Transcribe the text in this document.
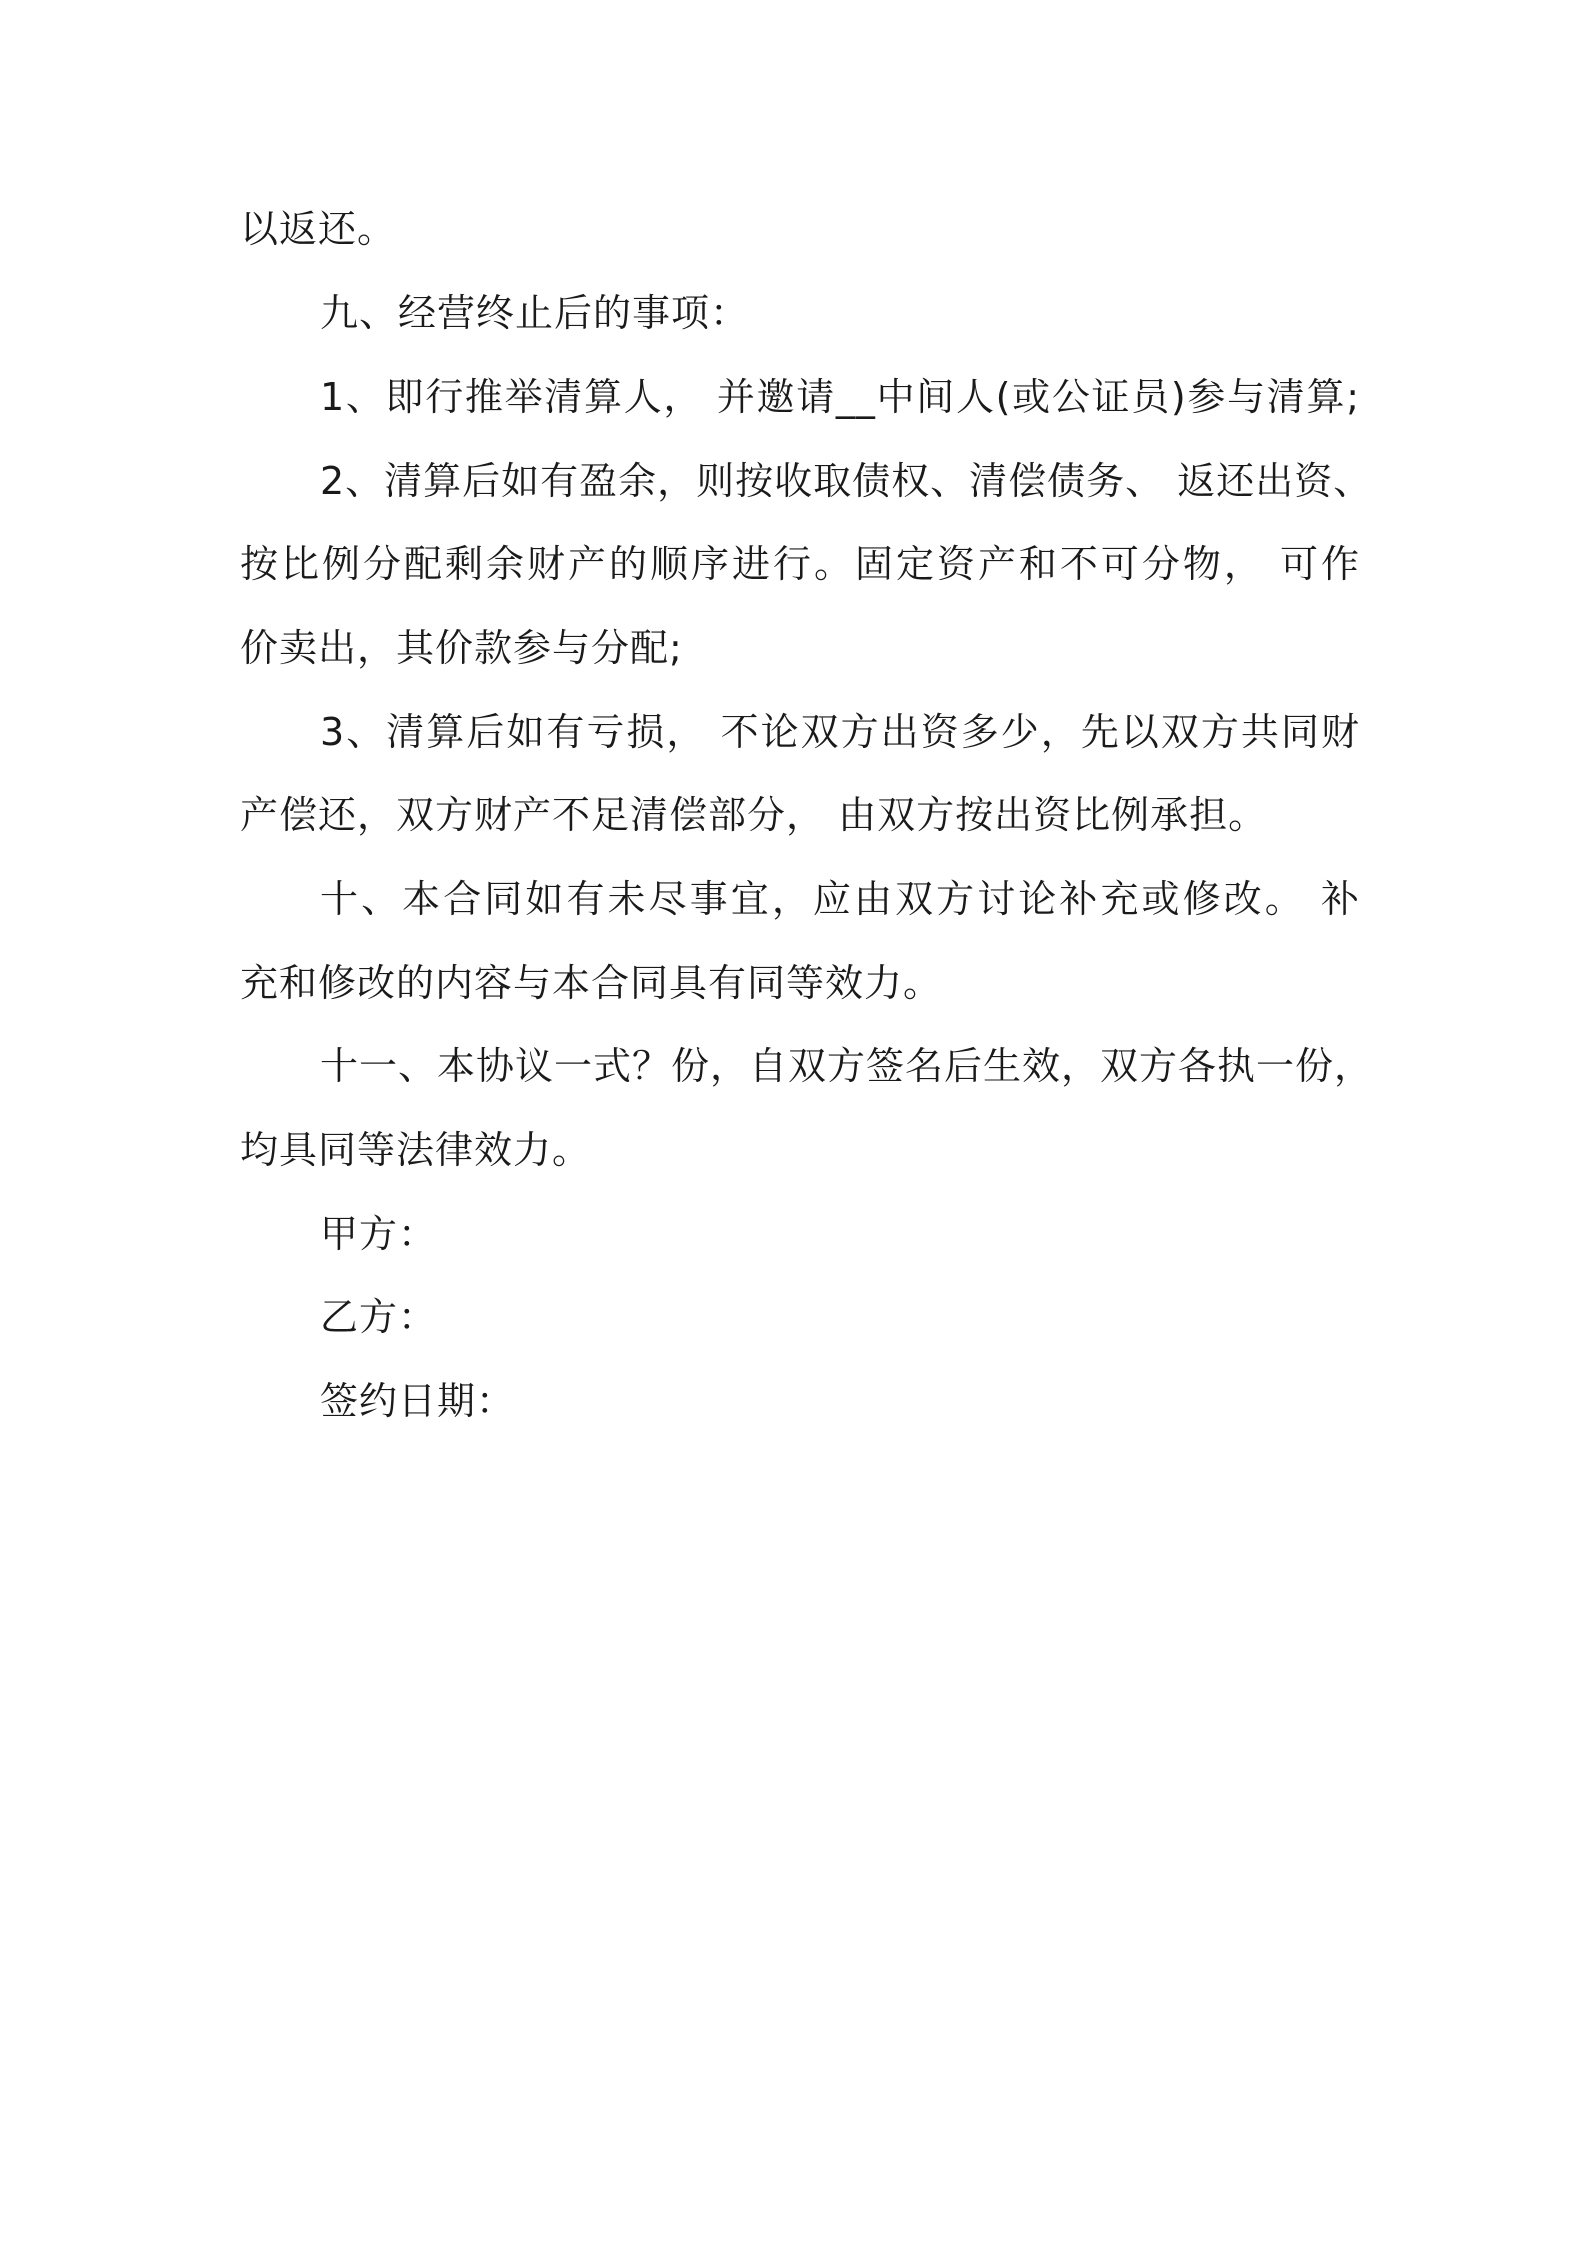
以返还。
九、经营终止后的事项：
1、即行推举清算人， 并邀请__中间人(或公证员)参与清算;
2、清算后如有盈余，则按收取债权、清偿债务、 返还出资、
按比例分配剩余财产的顺序进行。固定资产和不可分物， 可作
价卖出，其价款参与分配;
3、清算后如有亏损， 不论双方出资多少，先以双方共同财
产偿还，双方财产不足清偿部分， 由双方按出资比例承担。
十、本合同如有未尽事宜，应由双方讨论补充或修改。 补
充和修改的内容与本合同具有同等效力。
十一、本协议一式？份，自双方签名后生效，双方各执一份，
均具同等法律效力。
甲方：
乙方：
签约日期：
